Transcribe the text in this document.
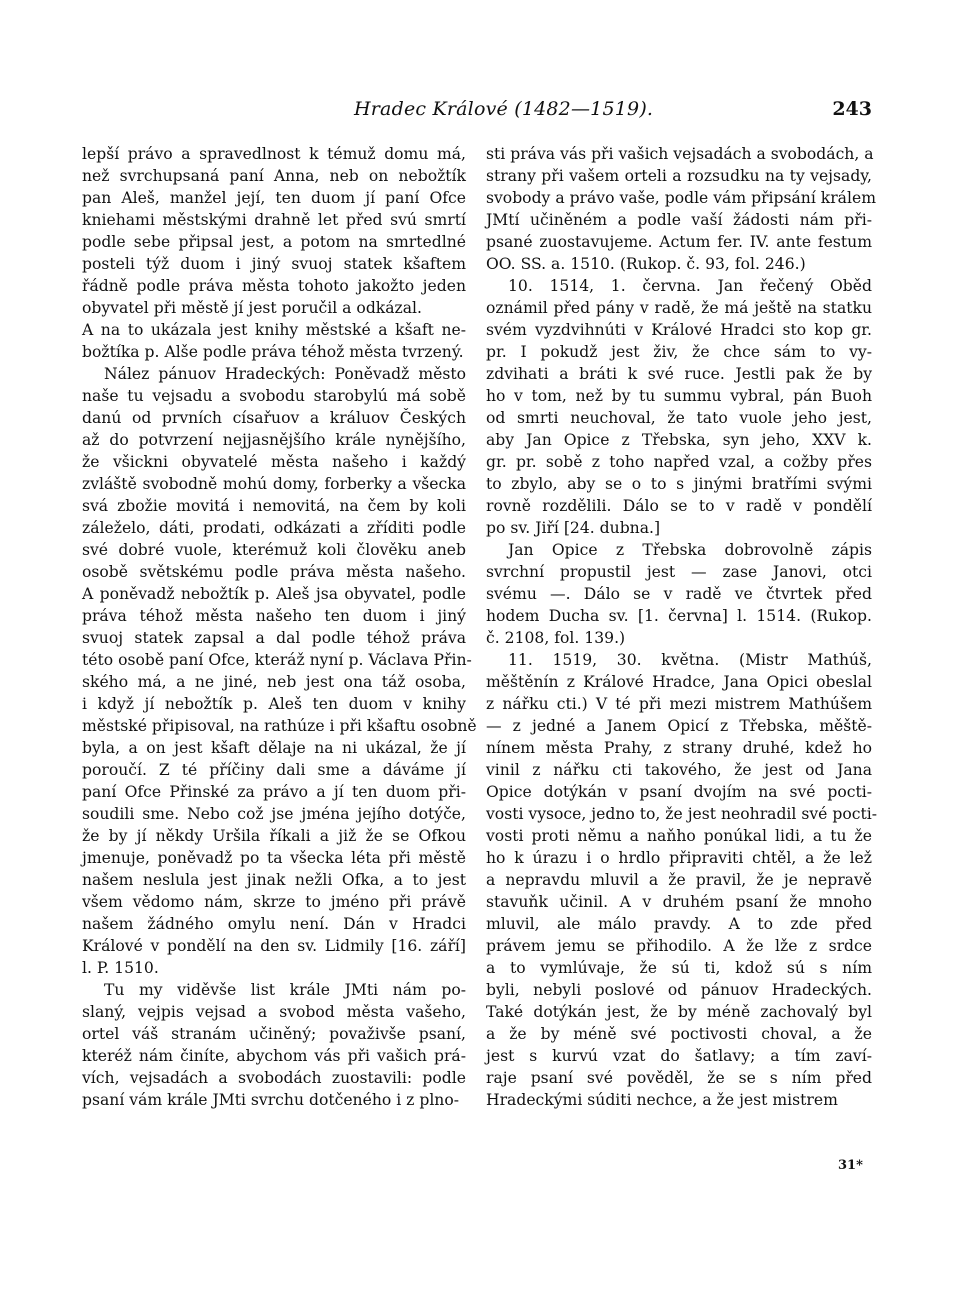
Hradec Králové (1482—1519).	243
lepší právo a spravedlnost k témuž domu má,
než svrchupsaná paní Anna, neb on nebožtík
pan Aleš, manžel její, ten duom jí paní Ofce
kniehami městskými drahně let před svú smrtí
podle sebe připsal jest, a potom na smrtedlné
posteli týž duom i jiný svuoj statek kšaftem
řádně podle práva města tohoto jakožto jeden
obyvatel při městě jí jest poručil a odkázal.
A na to ukázala jest knihy městské a kšaft ne-
božtíka p. Alše podle práva téhož města tvrzený.
Nález pánuov Hradeckých: Poněvadž město
naše tu vejsadu a svobodu starobylú má sobě
danú od prvních císařuov a králuov Českých
až do potvrzení nejjasnějšího krále nynějšího,
že všickni obyvatelé města našeho i každý
zvláště svobodně mohú domy, forberky a všecka
svá zbožie movitá i nemovitá, na čem by koli
záleželo, dáti, prodati, odkázati a zříditi podle
své dobré vuole, kterémuž koli člověku aneb
osobě světskému podle práva města našeho.
A poněvadž nebožtík p. Aleš jsa obyvatel, podle
práva téhož města našeho ten duom i jiný
svuoj statek zapsal a dal podle téhož práva
této osobě paní Ofce, kteráž nyní p. Václava Přin-
ského má, a ne jiné, neb jest ona táž osoba,
i když jí nebožtík p. Aleš ten duom v knihy
městské připisoval, na rathúze i při kšaftu osobně
byla, a on jest kšaft dělaje na ni ukázal, že jí
poroučí. Z té příčiny dali sme a dáváme jí
paní Ofce Přinské za právo a jí ten duom při-
soudili sme. Nebo což jse jména jejího dotýče,
že by jí někdy Uršila říkali a již že se Ofkou
jmenuje, poněvadž po ta všecka léta při městě
našem neslula jest jinak nežli Ofka, a to jest
všem vědomo nám, skrze to jméno při právě
našem žádného omylu není. Dán v Hradci
Králové v pondělí na den sv. Lidmily [16. září]
l. P. 1510.
Tu my viděvše list krále JMti nám po-
slaný, vejpis vejsad a svobod města vašeho,
ortel váš stranám učiněný; považivše psaní,
kteréž nám činíte, abychom vás při vašich prá-
vích, vejsadách a svobodách zuostavili: podle
psaní vám krále JMti svrchu dotčeného i z plno-
sti práva vás při vašich vejsadách a svobodách, a
strany při vašem orteli a rozsudku na ty vejsady,
svobody a právo vaše, podle vám připsání králem
JMtí učiněném a podle vaší žádosti nám při-
psané zuostavujeme. Actum fer. IV. ante festum
OO. SS. a. 1510. (Rukop. č. 93, fol. 246.)
10. 1514, 1. června. Jan řečený Oběd
oznámil před pány v radě, že má ještě na statku
svém vyzdvihnúti v Králové Hradci sto kop gr.
pr. I pokudž jest živ, že chce sám to vy-
zdvihati a bráti k své ruce. Jestli pak že by
ho v tom, než by tu summu vybral, pán Buoh
od smrti neuchoval, že tato vuole jeho jest,
aby Jan Opice z Třebska, syn jeho, XXV k.
gr. pr. sobě z toho napřed vzal, a cožby přes
to zbylo, aby se o to s jinými bratřími svými
rovně rozdělili. Dálo se to v radě v pondělí
po sv. Jiří [24. dubna.]
Jan Opice z Třebska dobrovolně zápis
svrchní propustil jest — zase Janovi, otci
svému —. Dálo se v radě ve čtvrtek před
hodem Ducha sv. [1. června] l. 1514. (Rukop.
č. 2108, fol. 139.)
11. 1519, 30. května. (Mistr Mathúš,
měštěnín z Králové Hradce, Jana Opici obeslal
z nářku cti.) V té při mezi mistrem Mathúšem
— z jedné a Janem Opicí z Třebska, měště-
nínem města Prahy, z strany druhé, kdež ho
vinil z nářku cti takového, že jest od Jana
Opice dotýkán v psaní dvojím na své pocti-
vosti vysoce, jedno to, že jest neohradil své pocti-
vosti proti němu a naňho ponúkal lidi, a tu že
ho k úrazu i o hrdlo připraviti chtěl, a že lež
a nepravdu mluvil a že pravil, že je nepravě
stavuňk učinil. A v druhém psaní že mnoho
mluvil, ale málo pravdy. A to zde před
právem jemu se přihodilo. A že lže z srdce
a to vymlúvaje, že sú ti, kdož sú s ním
byli, nebyli poslové od pánuov Hradeckých.
Také dotýkán jest, že by méně zachovalý byl
a že by méně své poctivosti choval, a že
jest s kurvú vzat do šatlavy; a tím zaví-
raje psaní své pověděl, že se s ním před
Hradeckými súditi nechce, a že jest mistrem
31*
